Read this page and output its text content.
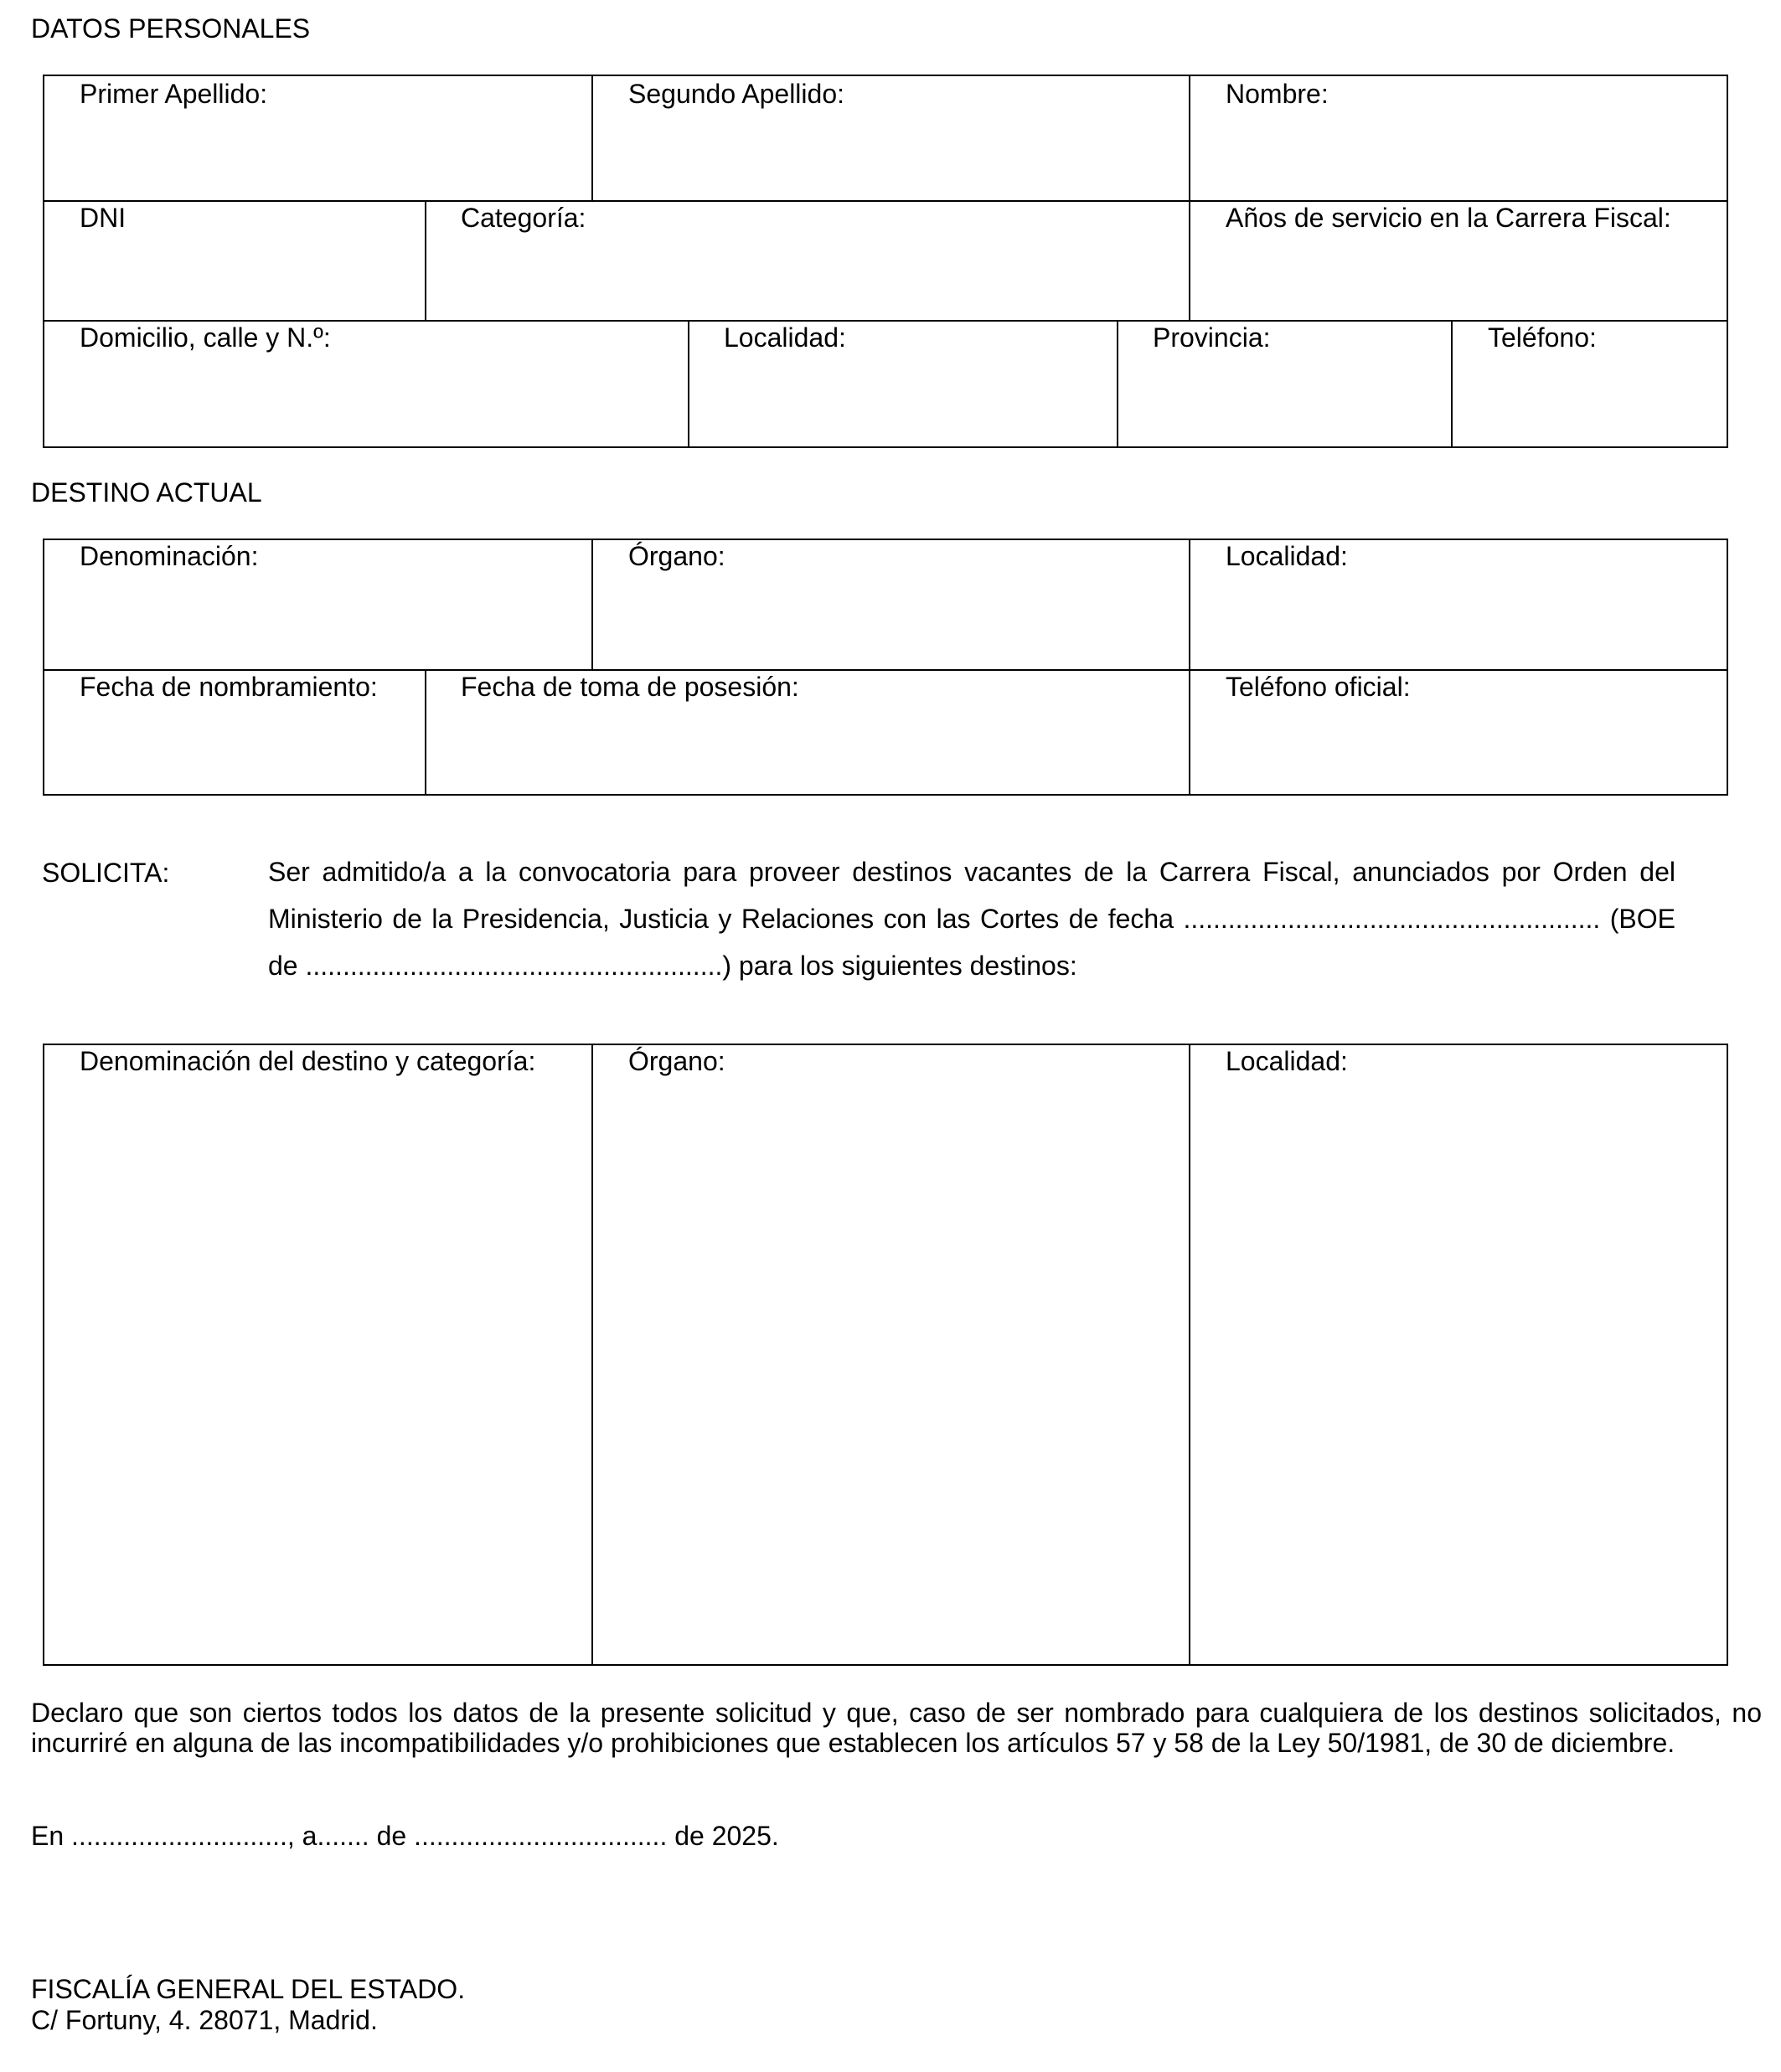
DATOS PERSONALES
Primer Apellido:	Segundo Apellido:	Nombre:
DNI	Categoría:	Años de servicio en la Carrera Fiscal:
Domicilio, calle y N.º:	Localidad:	Provincia:	Teléfono:
DESTINO ACTUAL
Denominación:	Órgano:	Localidad:
Fecha de nombramiento:	Fecha de toma de posesión:	Teléfono oficial:
SOLICITA:	Ser admitido/a a la convocatoria para proveer destinos vacantes de la Carrera Fiscal, anunciados por Orden del
Ministerio de la Presidencia, Justicia y Relaciones con las Cortes de fecha ........................................................ (BOE
de ........................................................) para los siguientes destinos:
Denominación del destino y categoría:	Órgano:	Localidad:
Declaro que son ciertos todos los datos de la presente solicitud y que, caso de ser nombrado para cualquiera de los destinos solicitados, no
incurriré en alguna de las incompatibilidades y/o prohibiciones que establecen los artículos 57 y 58 de la Ley 50/1981, de 30 de diciembre.
En ............................., a....... de .................................. de 2025.
FISCALÍA GENERAL DEL ESTADO.
C/ Fortuny, 4. 28071, Madrid.
